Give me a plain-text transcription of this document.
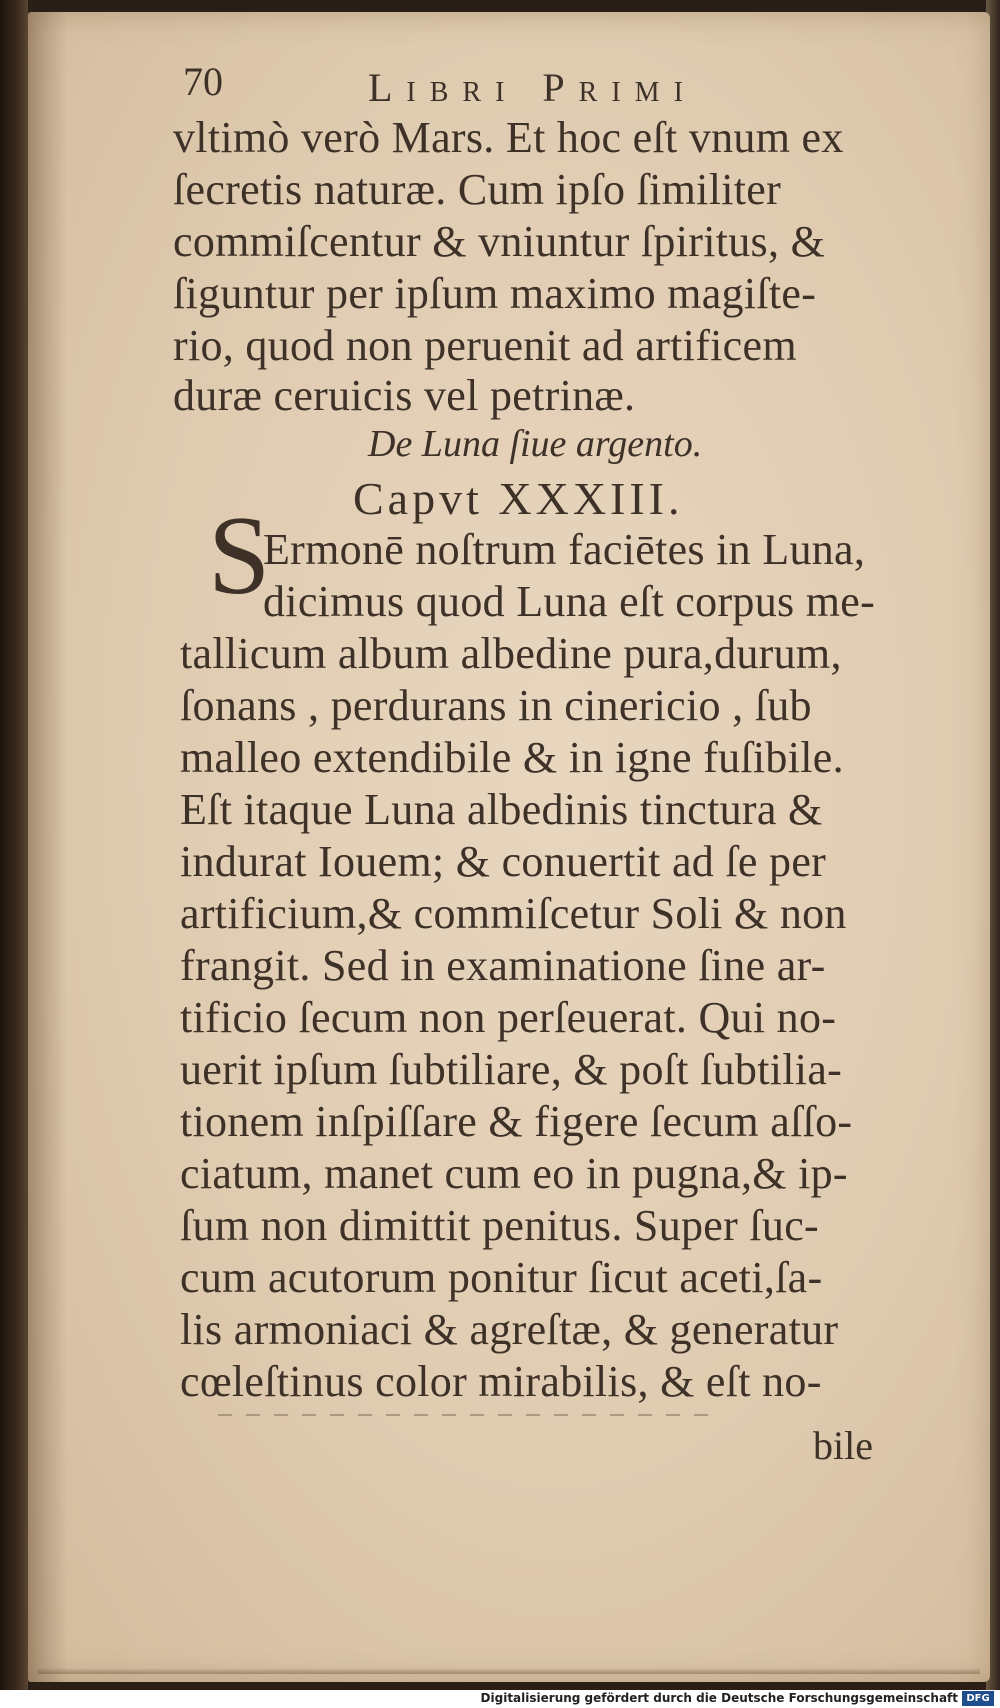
70	Libri Primi
vltimò verò Mars. Et hoc eſt vnum ex
ſecretis naturæ. Cum ipſo ſimiliter
commiſcentur & vniuntur ſpiritus, &
ſiguntur per ipſum maximo magiſte-
rio, quod non peruenit ad artificem
duræ ceruicis vel petrinæ.
De Luna ſiue argento.
Capvt XXXIII.
S
Ermonē noſtrum faciētes in Luna,
dicimus quod Luna eſt corpus me-
tallicum album albedine pura,durum,
ſonans , perdurans in cinericio , ſub
malleo extendibile & in igne fuſibile.
Eſt itaque Luna albedinis tinctura &
indurat Iouem; & conuertit ad ſe per
artificium,& commiſcetur Soli & non
frangit. Sed in examinatione ſine ar-
tificio ſecum non perſeuerat. Qui no-
uerit ipſum ſubtiliare, & poſt ſubtilia-
tionem inſpiſſare & figere ſecum aſſo-
ciatum, manet cum eo in pugna,& ip-
ſum non dimittit penitus. Super ſuc-
cum acutorum ponitur ſicut aceti,ſa-
lis armoniaci & agreſtæ, & generatur
cœleſtinus color mirabilis, & eſt no-
bile
Digitalisierung gefördert durch die Deutsche Forschungsgemeinschaft DFG
